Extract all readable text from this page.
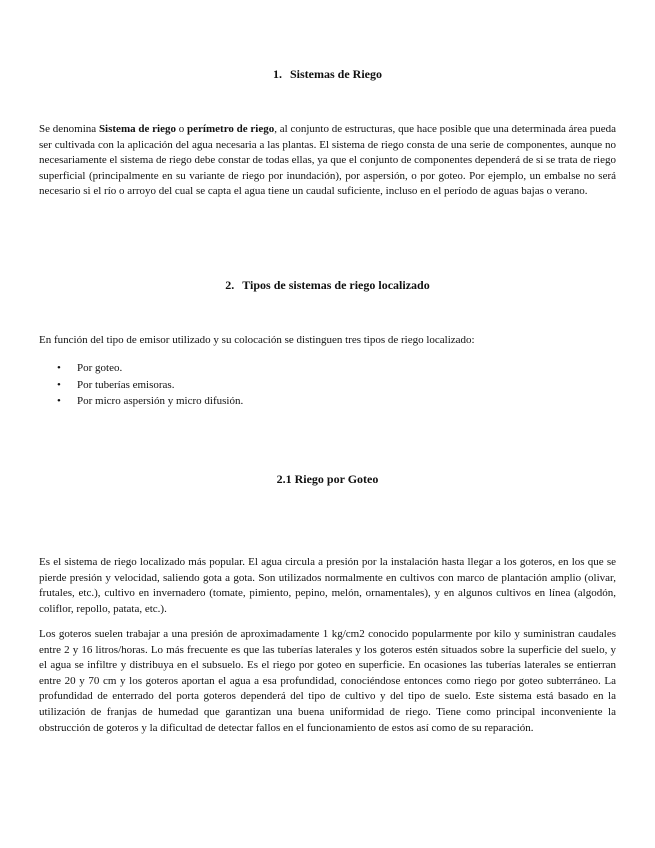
1. Sistemas de Riego

Se denomina Sistema de riego o perímetro de riego, al conjunto de estructuras, que hace posible que una determinada área pueda ser cultivada con la aplicación del agua necesaria a las plantas. El sistema de riego consta de una serie de componentes, aunque no necesariamente el sistema de riego debe constar de todas ellas, ya que el conjunto de componentes dependerá de si se trata de riego superficial (principalmente en su variante de riego por inundación), por aspersión, o por goteo. Por ejemplo, un embalse no será necesario si el río o arroyo del cual se capta el agua tiene un caudal suficiente, incluso en el período de aguas bajas o verano.

2. Tipos de sistemas de riego localizado

En función del tipo de emisor utilizado y su colocación se distinguen tres tipos de riego localizado:

• Por goteo.
• Por tuberías emisoras.
• Por micro aspersión y micro difusión.
2.1 Riego por Goteo

Es el sistema de riego localizado más popular. El agua circula a presión por la instalación hasta llegar a los goteros, en los que se pierde presión y velocidad, saliendo gota a gota. Son utilizados normalmente en cultivos con marco de plantación amplio (olivar, frutales, etc.), cultivo en invernadero (tomate, pimiento, pepino, melón, ornamentales), y en algunos cultivos en línea (algodón, coliflor, repollo, patata, etc.).

Los goteros suelen trabajar a una presión de aproximadamente 1 kg/cm2 conocido popularmente por kilo y suministran caudales entre 2 y 16 litros/horas. Lo más frecuente es que las tuberías laterales y los goteros estén situados sobre la superficie del suelo, y el agua se infiltre y distribuya en el subsuelo. Es el riego por goteo en superficie. En ocasiones las tuberías laterales se entierran entre 20 y 70 cm y los goteros aportan el agua a esa profundidad, conociéndose entonces como riego por goteo subterráneo. La profundidad de enterrado del porta goteros dependerá del tipo de cultivo y del tipo de suelo. Este sistema está basado en la utilización de franjas de humedad que garantizan una buena uniformidad de riego. Tiene como principal inconveniente la obstrucción de goteros y la dificultad de detectar fallos en el funcionamiento de estos así como de su reparación.
